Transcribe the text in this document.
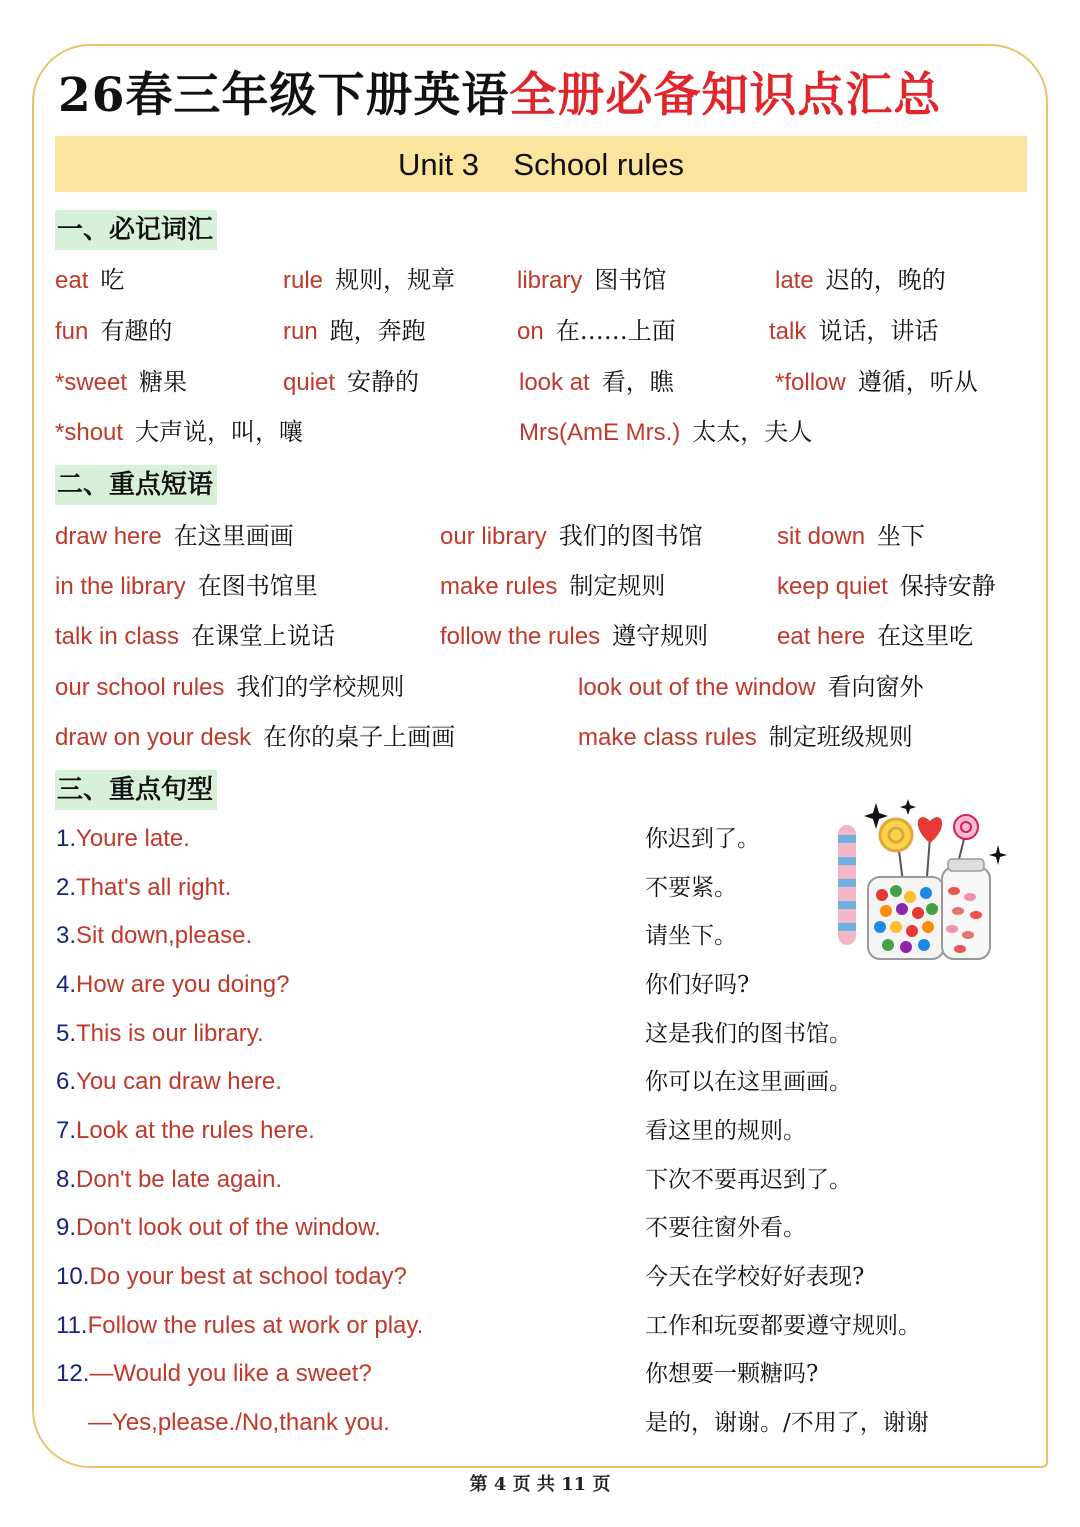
26春三年级下册英语全册必备知识点汇总
Unit 3    School rules
一、必记词汇
二、重点短语
三、重点句型
eat 吃	rule 规则，规章	library 图书馆	late 迟的，晚的
fun 有趣的	run 跑，奔跑	on 在……上面	talk 说话，讲话
*sweet 糖果	quiet 安静的	look at 看，瞧	*follow 遵循，听从
*shout 大声说，叫，嚷	Mrs(AmE Mrs.) 太太，夫人
draw here 在这里画画	our library 我们的图书馆	sit down 坐下
in the library 在图书馆里	make rules 制定规则	keep quiet 保持安静
talk in class 在课堂上说话	follow the rules 遵守规则	eat here 在这里吃
our school rules 我们的学校规则	look out of the window 看向窗外
draw on your desk 在你的桌子上画画	make class rules 制定班级规则
1.Youre late.	你迟到了。
2.That's all right.	不要紧。
3.Sit down,please.	请坐下。
4.How are you doing?	你们好吗?
5.This is our library.	这是我们的图书馆。
6.You can draw here.	你可以在这里画画。
7.Look at the rules here.	看这里的规则。
8.Don't be late again.	下次不要再迟到了。
9.Don't look out of the window.	不要往窗外看。
10.Do your best at school today?	今天在学校好好表现?
11.Follow the rules at work or play.	工作和玩耍都要遵守规则。
12.—Would you like a sweet?	你想要一颗糖吗?
—Yes,please./No,thank you.	是的，谢谢。/不用了，谢谢
第 4 页 共 11 页
